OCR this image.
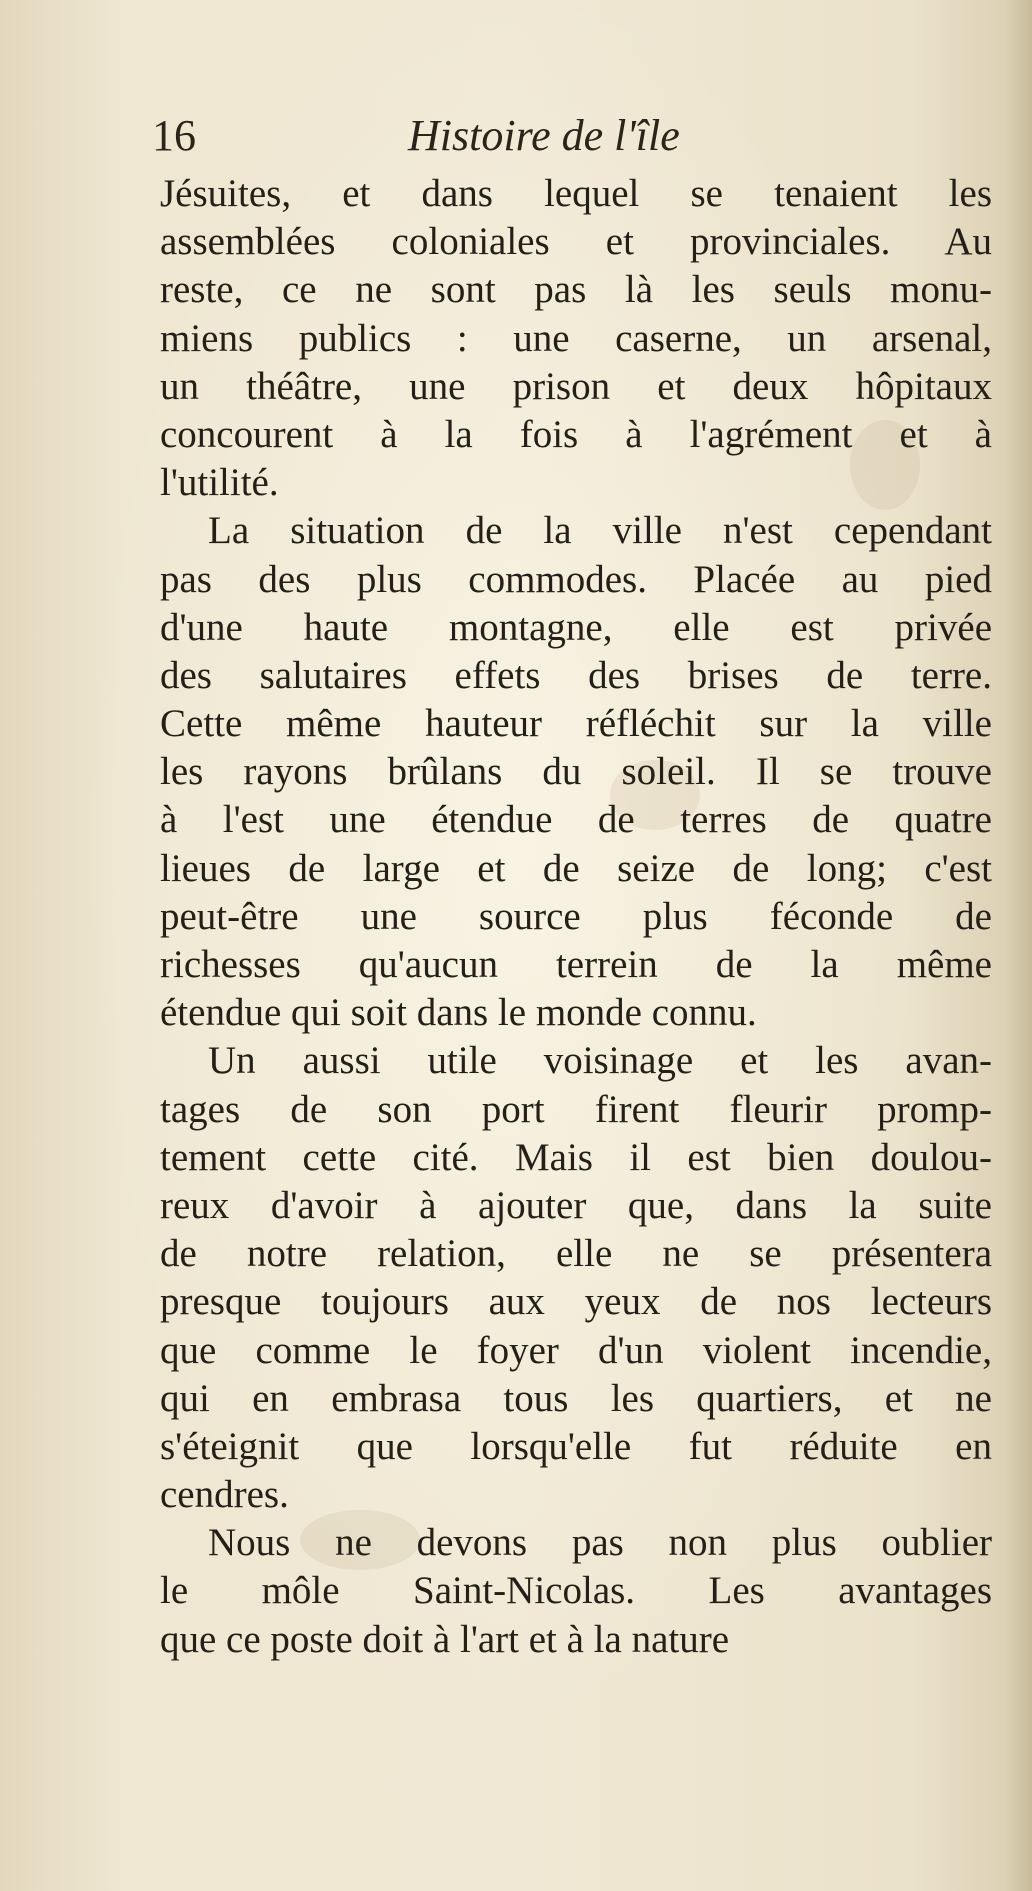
16	Histoire de l'île
Jésuites, et dans lequel se tenaient les
assemblées coloniales et provinciales. Au
reste, ce ne sont pas là les seuls monu-
miens publics : une caserne, un arsenal,
un théâtre, une prison et deux hôpitaux
concourent à la fois à l'agrément et à
l'utilité.
La situation de la ville n'est cependant
pas des plus commodes. Placée au pied
d'une haute montagne, elle est privée
des salutaires effets des brises de terre.
Cette même hauteur réfléchit sur la ville
les rayons brûlans du soleil. Il se trouve
à l'est une étendue de terres de quatre
lieues de large et de seize de long; c'est
peut-être une source plus féconde de
richesses qu'aucun terrein de la même
étendue qui soit dans le monde connu.
Un aussi utile voisinage et les avan-
tages de son port firent fleurir promp-
tement cette cité. Mais il est bien doulou-
reux d'avoir à ajouter que, dans la suite
de notre relation, elle ne se présentera
presque toujours aux yeux de nos lecteurs
que comme le foyer d'un violent incendie,
qui en embrasa tous les quartiers, et ne
s'éteignit que lorsqu'elle fut réduite en
cendres.
Nous ne devons pas non plus oublier
le môle Saint-Nicolas. Les avantages
que ce poste doit à l'art et à la nature
